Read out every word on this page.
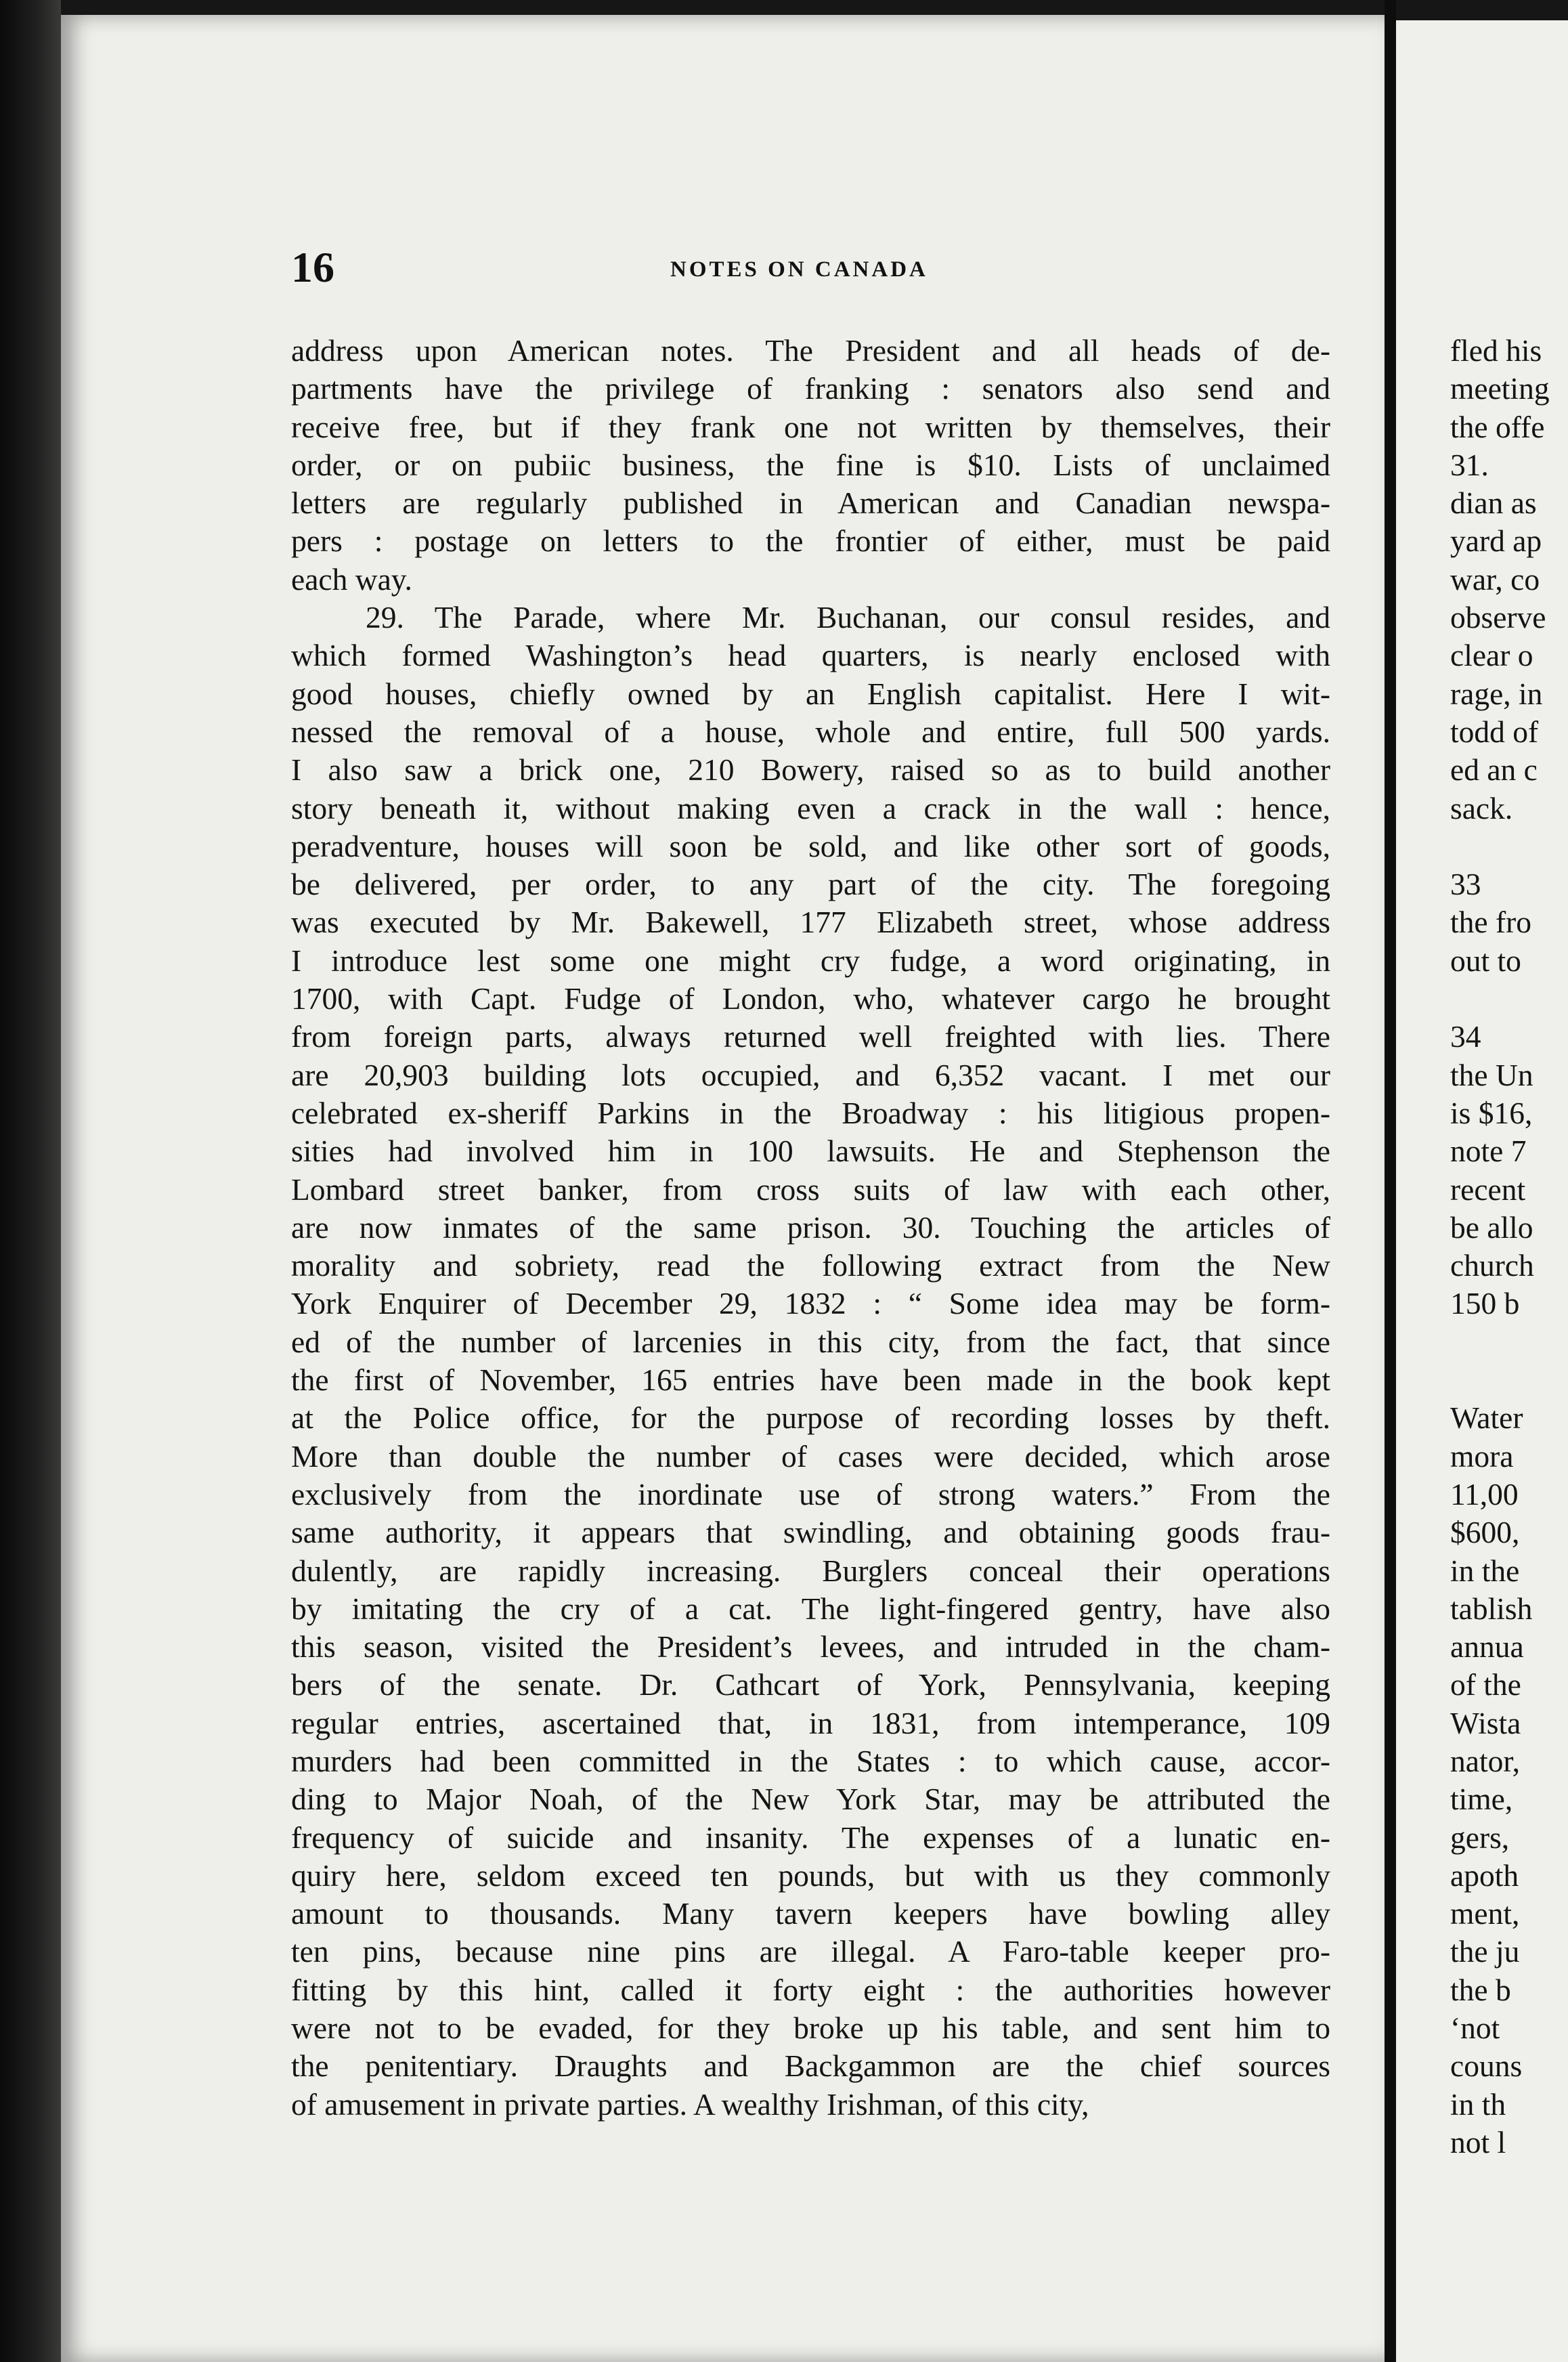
16	NOTES ON CANADA
address upon American notes. The President and all heads of de-
partments have the privilege of franking : senators also send and
receive free, but if they frank one not written by themselves, their
order, or on pubiic business, the fine is $10. Lists of unclaimed
letters are regularly published in American and Canadian newspa-
pers : postage on letters to the frontier of either, must be paid
each way.
29. The Parade, where Mr. Buchanan, our consul resides, and
which formed Washington’s head quarters, is nearly enclosed with
good houses, chiefly owned by an English capitalist. Here I wit-
nessed the removal of a house, whole and entire, full 500 yards.
I also saw a brick one, 210 Bowery, raised so as to build another
story beneath it, without making even a crack in the wall : hence,
peradventure, houses will soon be sold, and like other sort of goods,
be delivered, per order, to any part of the city. The foregoing
was executed by Mr. Bakewell, 177 Elizabeth street, whose address
I introduce lest some one might cry fudge, a word originating, in
1700, with Capt. Fudge of London, who, whatever cargo he brought
from foreign parts, always returned well freighted with lies. There
are 20,903 building lots occupied, and 6,352 vacant. I met our
celebrated ex-sheriff Parkins in the Broadway : his litigious propen-
sities had involved him in 100 lawsuits. He and Stephenson the
Lombard street banker, from cross suits of law with each other,
are now inmates of the same prison. 30. Touching the articles of
morality and sobriety, read the following extract from the New
York Enquirer of December 29, 1832 : “ Some idea may be form-
ed of the number of larcenies in this city, from the fact, that since
the first of November, 165 entries have been made in the book kept
at the Police office, for the purpose of recording losses by theft.
More than double the number of cases were decided, which arose
exclusively from the inordinate use of strong waters.” From the
same authority, it appears that swindling, and obtaining goods frau-
dulently, are rapidly increasing. Burglers conceal their operations
by imitating the cry of a cat. The light-fingered gentry, have also
this season, visited the President’s levees, and intruded in the cham-
bers of the senate. Dr. Cathcart of York, Pennsylvania, keeping
regular entries, ascertained that, in 1831, from intemperance, 109
murders had been committed in the States : to which cause, accor-
ding to Major Noah, of the New York Star, may be attributed the
frequency of suicide and insanity. The expenses of a lunatic en-
quiry here, seldom exceed ten pounds, but with us they commonly
amount to thousands. Many tavern keepers have bowling alley
ten pins, because nine pins are illegal. A Faro-table keeper pro-
fitting by this hint, called it forty eight : the authorities however
were not to be evaded, for they broke up his table, and sent him to
the penitentiary. Draughts and Backgammon are the chief sources
of amusement in private parties. A wealthy Irishman, of this city,
fled his
meeting
the offe
31.
dian as
yard ap
war, co
observe
clear o
rage, in
todd of
ed an c
sack.
33
the fro
out to
34
the Un
is $16,
note 7
recent
be allo
church
150 b
Water
mora
11,00
$600,
in the
tablish
annua
of the
Wista
nator,
time,
gers,
apoth
ment,
the ju
the b
‘not
couns
in th
not l
